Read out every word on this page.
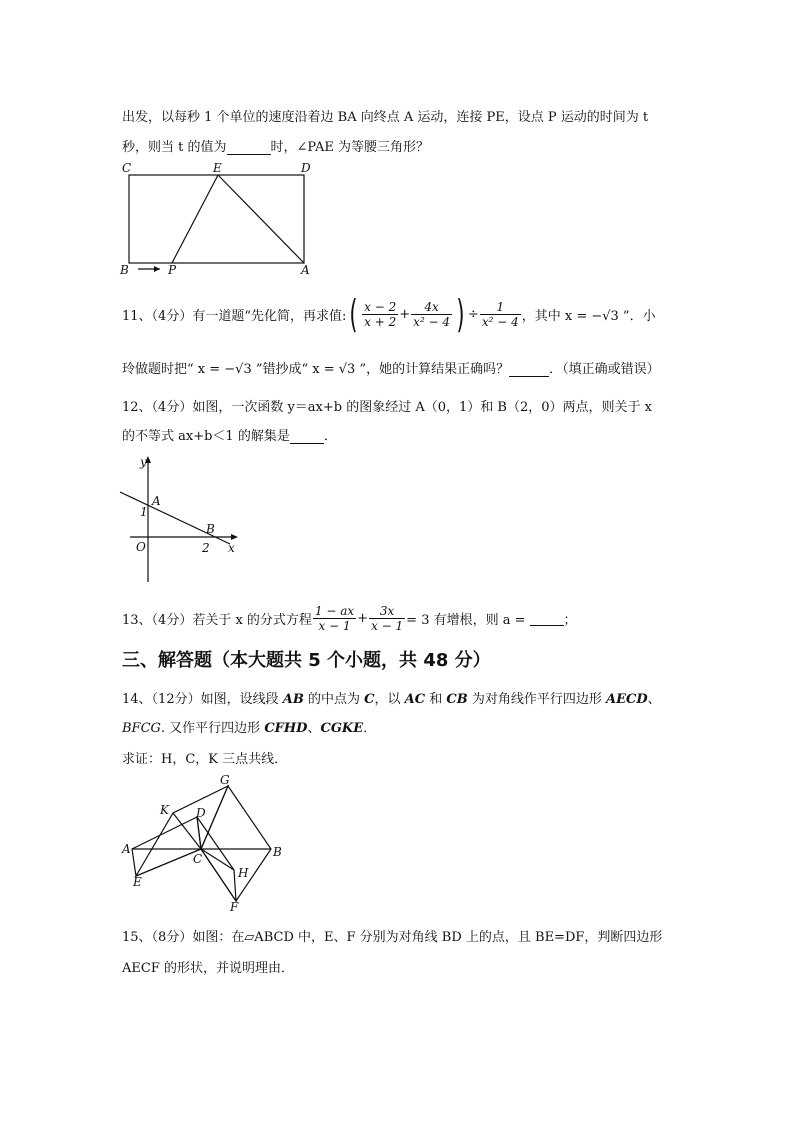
出发，以每秒 1 个单位的速度沿着边 BA 向终点 A 运动，连接 PE，设点 P 运动的时间为 t
秒，则当 t 的值为	时，∠PAE 为等腰三角形？
C	E	D
B	P	A
11、（4分）有一道题“先化简，再求值: ( $\frac{x - 2}{x + 2} + \frac{4x}{\text{x² − 4}}$ ) ÷ $\frac{1}{\text{x² − 4}}$ ，其中 x = −√3 ”．小
玲做题时把“ x = −√3 ”错抄成“ x = √3 ”，她的计算结果正确吗？	．（填正确或错误）
12、（4分）如图，一次函数 y＝ax+b 的图象经过 A（0，1）和 B（2，0）两点，则关于 x
的不等式 ax+b＜1 的解集是	．
y
x
O
A
1
B
2
13、（4分）若关于 x 的分式方程 $\frac{1 - ax}{x - 1} + \frac{3x}{x - 1} = 3$ 有增根，则 a =	；
三、解答题（本大题共 5 个小题，共 48 分）
14、（12分）如图，设线段 AB 的中点为 C，以 AC 和 CB 为对角线作平行四边形 AECD、
BFCG. 又作平行四边形 CFHD、CGKE．
求证：H，C，K 三点共线．
A	B
C
D
E
F
G
H
K
15、（8分）如图：在▱ABCD 中，E、F 分别为对角线 BD 上的点，且 BE=DF，判断四边形
AECF 的形状，并说明理由．
